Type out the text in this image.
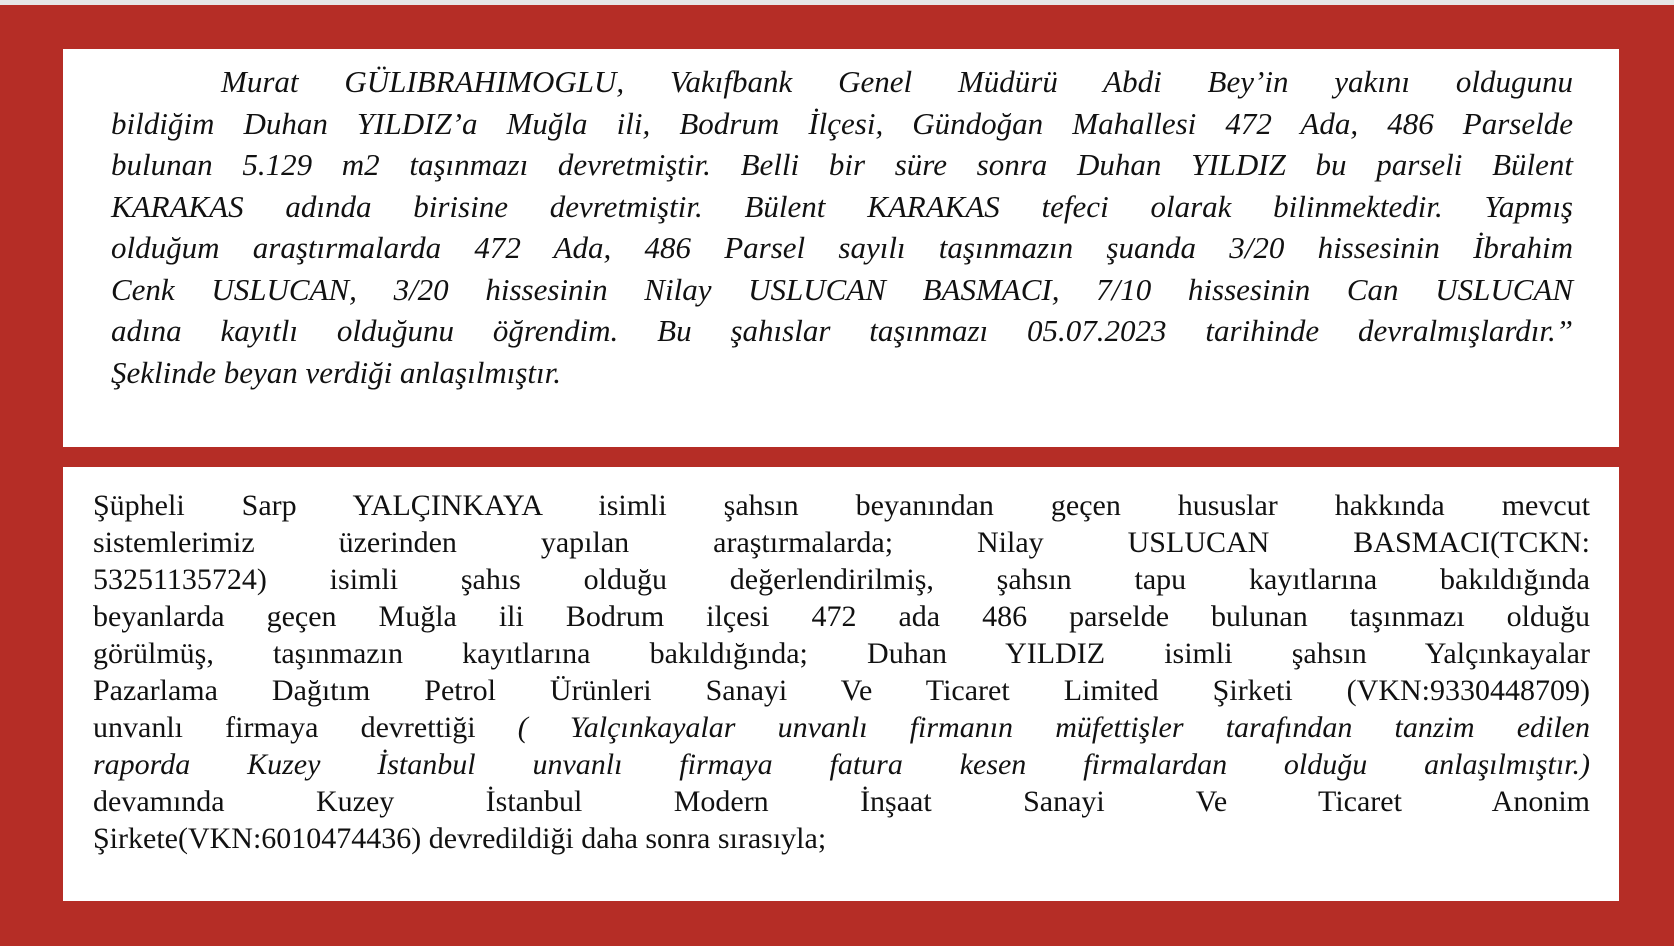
Murat GÜLIBRAHIMOGLU, Vakıfbank Genel Müdürü Abdi Bey’in yakını oldugunu
bildiğim Duhan YILDIZ’a Muğla ili, Bodrum İlçesi, Gündoğan Mahallesi 472 Ada, 486 Parselde
bulunan 5.129 m2 taşınmazı devretmiştir. Belli bir süre sonra Duhan YILDIZ bu parseli Bülent
KARAKAS adında birisine devretmiştir. Bülent KARAKAS tefeci olarak bilinmektedir. Yapmış
olduğum araştırmalarda 472 Ada, 486 Parsel sayılı taşınmazın şuanda 3/20 hissesinin İbrahim
Cenk USLUCAN, 3/20 hissesinin Nilay USLUCAN BASMACI, 7/10 hissesinin Can USLUCAN
adına kayıtlı olduğunu öğrendim. Bu şahıslar taşınmazı 05.07.2023 tarihinde devralmışlardır.”
Şeklinde beyan verdiği anlaşılmıştır.
Şüpheli Sarp YALÇINKAYA isimli şahsın beyanından geçen hususlar hakkında mevcut
sistemlerimiz üzerinden yapılan araştırmalarda; Nilay USLUCAN BASMACI(TCKN:
53251135724) isimli şahıs olduğu değerlendirilmiş, şahsın tapu kayıtlarına bakıldığında
beyanlarda geçen Muğla ili Bodrum ilçesi 472 ada 486 parselde bulunan taşınmazı olduğu
görülmüş, taşınmazın kayıtlarına bakıldığında; Duhan YILDIZ isimli şahsın Yalçınkayalar
Pazarlama Dağıtım Petrol Ürünleri Sanayi Ve Ticaret Limited Şirketi (VKN:9330448709)
unvanlı firmaya devrettiği ( Yalçınkayalar unvanlı firmanın müfettişler tarafından tanzim edilen
raporda Kuzey İstanbul unvanlı firmaya fatura kesen firmalardan olduğu anlaşılmıştır.)
devamında Kuzey İstanbul Modern İnşaat Sanayi Ve Ticaret Anonim
Şirkete(VKN:6010474436) devredildiği daha sonra sırasıyla;
